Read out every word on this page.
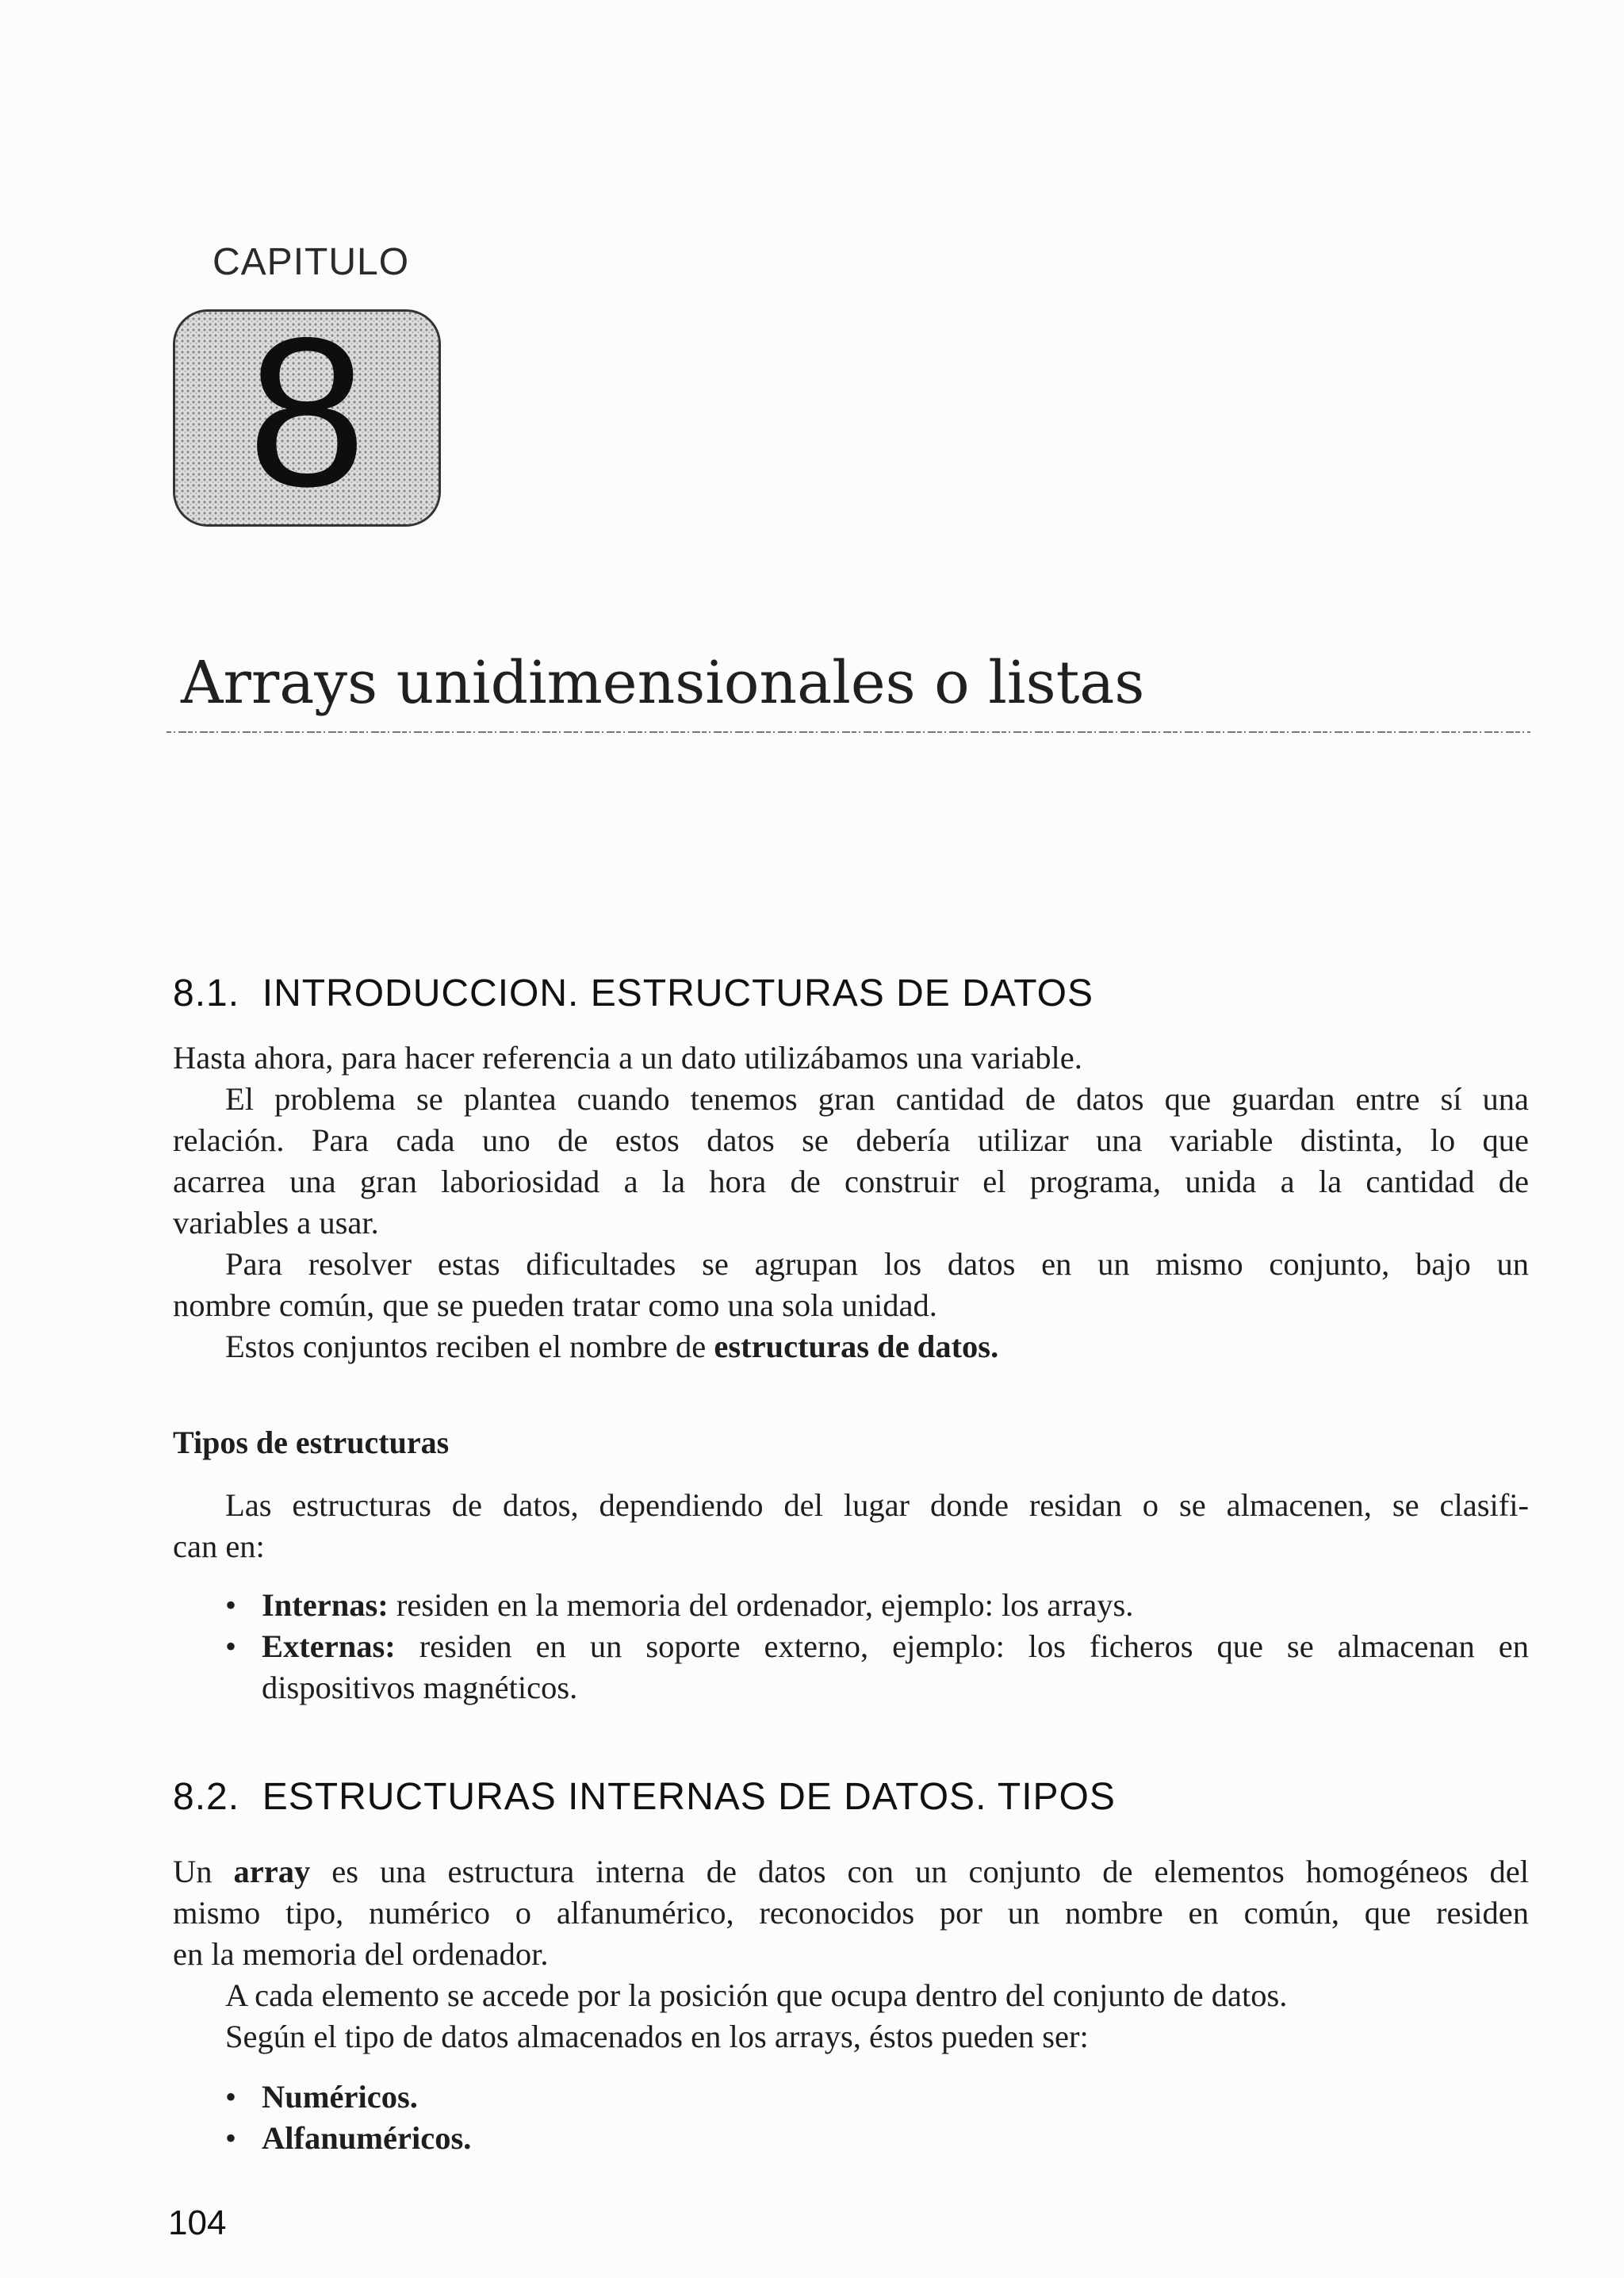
CAPITULO
8
Arrays unidimensionales o listas
8.1.  INTRODUCCION. ESTRUCTURAS DE DATOS
Hasta ahora, para hacer referencia a un dato utilizábamos una variable.
El problema se plantea cuando tenemos gran cantidad de datos que guardan entre sí una
relación. Para cada uno de estos datos se debería utilizar una variable distinta, lo que
acarrea una gran laboriosidad a la hora de construir el programa, unida a la cantidad de
variables a usar.
Para resolver estas dificultades se agrupan los datos en un mismo conjunto, bajo un
nombre común, que se pueden tratar como una sola unidad.
Estos conjuntos reciben el nombre de estructuras de datos.
Tipos de estructuras
Las estructuras de datos, dependiendo del lugar donde residan o se almacenen, se clasifi-
can en:
• Internas: residen en la memoria del ordenador, ejemplo: los arrays.
• Externas: residen en un soporte externo, ejemplo: los ficheros que se almacenan en
dispositivos magnéticos.
8.2.  ESTRUCTURAS INTERNAS DE DATOS. TIPOS
Un array es una estructura interna de datos con un conjunto de elementos homogéneos del
mismo tipo, numérico o alfanumérico, reconocidos por un nombre en común, que residen
en la memoria del ordenador.
A cada elemento se accede por la posición que ocupa dentro del conjunto de datos.
Según el tipo de datos almacenados en los arrays, éstos pueden ser:
• Numéricos.
• Alfanuméricos.
104
